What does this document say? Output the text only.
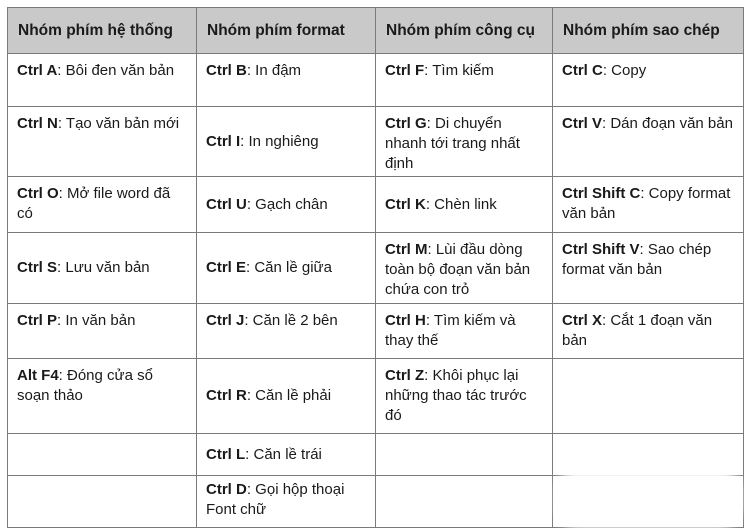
Nhóm phím hệ thống	Nhóm phím format	Nhóm phím công cụ	Nhóm phím sao chép
Ctrl A: Bôi đen văn bản	Ctrl B: In đậm	Ctrl F: Tìm kiếm	Ctrl C: Copy
Ctrl N: Tạo văn bản mới	Ctrl I: In nghiêng	Ctrl G: Di chuyển nhanh tới trang nhất định	Ctrl V: Dán đoạn văn bản
Ctrl O: Mở file word đã có	Ctrl U: Gạch chân	Ctrl K: Chèn link	Ctrl Shift C: Copy format văn bản
Ctrl S: Lưu văn bản	Ctrl E: Căn lề giữa	Ctrl M: Lùi đầu dòng toàn bộ đoạn văn bản chứa con trỏ	Ctrl Shift V: Sao chép format văn bản
Ctrl P: In văn bản	Ctrl J: Căn lề 2 bên	Ctrl H: Tìm kiếm và thay thế	Ctrl X: Cắt 1 đoạn văn bản
Alt F4: Đóng cửa sổ soạn thảo	Ctrl R: Căn lề phải	Ctrl Z: Khôi phục lại những thao tác trước đó	
	Ctrl L: Căn lề trái		
	Ctrl D: Gọi hộp thoại Font chữ		
